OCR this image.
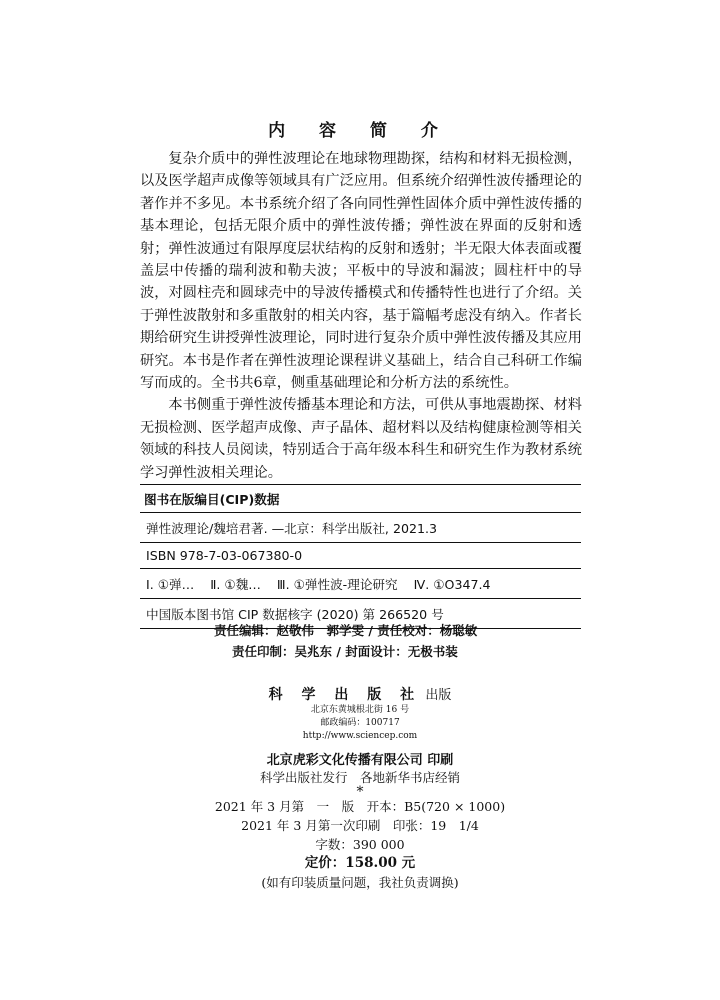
内 容 简 介

复杂介质中的弹性波理论在地球物理勘探，结构和材料无损检测，以及医学超声成像等领域具有广泛应用。但系统介绍弹性波传播理论的著作并不多见。本书系统介绍了各向同性弹性固体介质中弹性波传播的基本理论，包括无限介质中的弹性波传播；弹性波在界面的反射和透射；弹性波通过有限厚度层状结构的反射和透射；半无限大体表面或覆盖层中传播的瑞利波和勒夫波；平板中的导波和漏波；圆柱杆中的导波，对圆柱壳和圆球壳中的导波传播模式和传播特性也进行了介绍。关于弹性波散射和多重散射的相关内容，基于篇幅考虑没有纳入。作者长期给研究生讲授弹性波理论，同时进行复杂介质中弹性波传播及其应用研究。本书是作者在弹性波理论课程讲义基础上，结合自己科研工作编写而成的。全书共6章，侧重基础理论和分析方法的系统性。

本书侧重于弹性波传播基本理论和方法，可供从事地震勘探、材料无损检测、医学超声成像、声子晶体、超材料以及结构健康检测等相关领域的科技人员阅读，特别适合于高年级本科生和研究生作为教材系统学习弹性波相关理论。

图书在版编目(CIP)数据
弹性波理论/魏培君著. —北京：科学出版社, 2021.3
ISBN 978-7-03-067380-0
Ⅰ. ①弹… Ⅱ. ①魏… Ⅲ. ①弹性波-理论研究 Ⅳ. ①O347.4
中国版本图书馆 CIP 数据核字 (2020) 第 266520 号
责任编辑：赵敬伟　郭学雯 / 责任校对：杨聪敏
责任印制：吴兆东 / 封面设计：无极书装
科 学 出 版 社 出版
北京东黄城根北街 16 号
邮政编码：100717
http://www.sciencep.com
北京虎彩文化传播有限公司 印刷
科学出版社发行　各地新华书店经销
*
2021 年 3 月第　一　版　开本：B5(720 × 1000)
2021 年 3 月第一次印刷　印张：19　1/4
字数：390 000
定价：158.00 元
(如有印装质量问题，我社负责调换)
